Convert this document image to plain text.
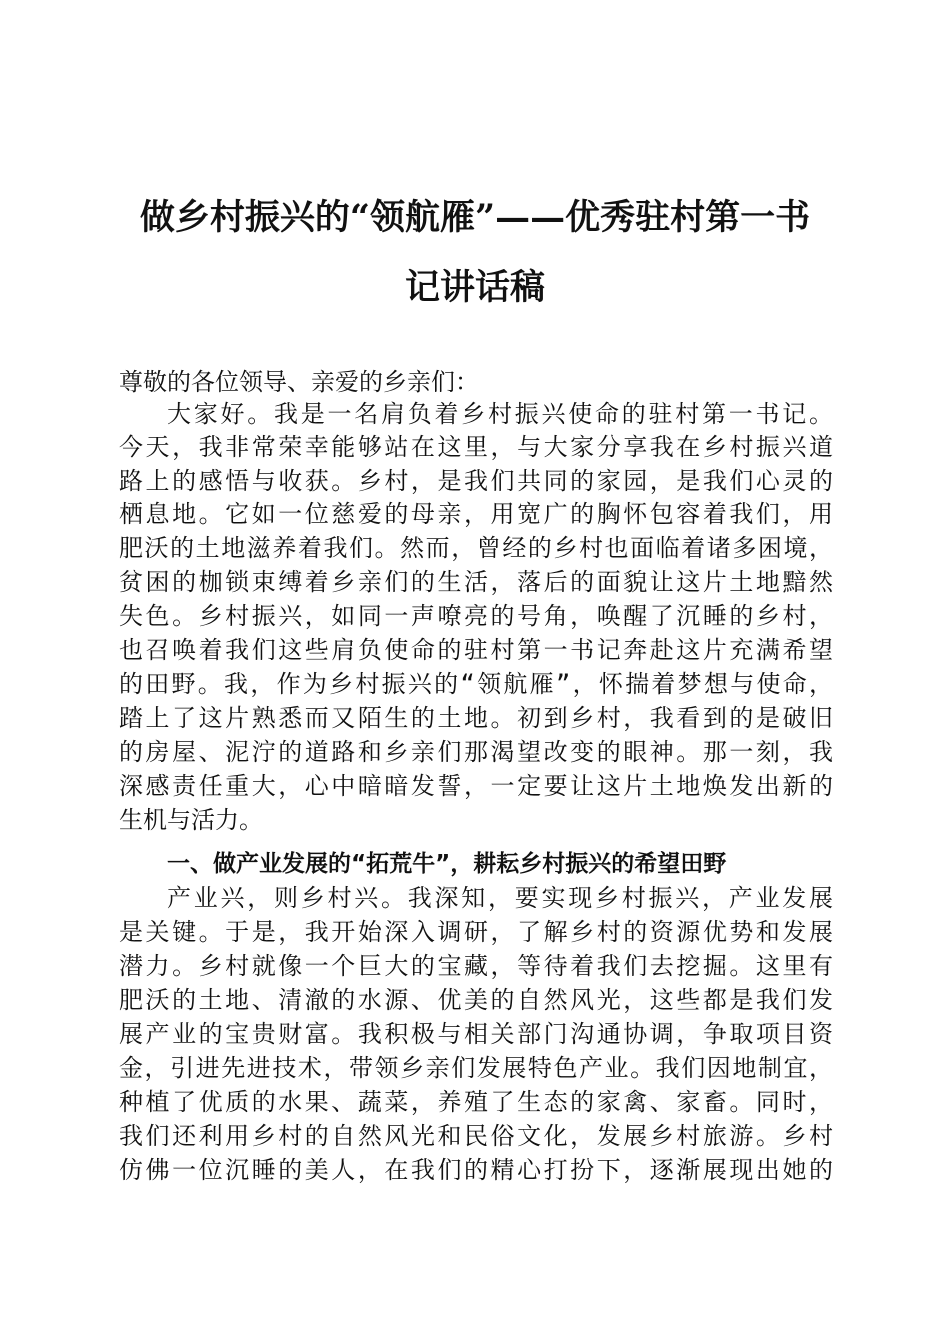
做乡村振兴的“领航雁”——优秀驻村第一书
记讲话稿
尊敬的各位领导、亲爱的乡亲们：
大家好。我是一名肩负着乡村振兴使命的驻村第一书记。
今天，我非常荣幸能够站在这里，与大家分享我在乡村振兴道
路上的感悟与收获。乡村，是我们共同的家园，是我们心灵的
栖息地。它如一位慈爱的母亲，用宽广的胸怀包容着我们，用
肥沃的土地滋养着我们。然而，曾经的乡村也面临着诸多困境，
贫困的枷锁束缚着乡亲们的生活，落后的面貌让这片土地黯然
失色。乡村振兴，如同一声嘹亮的号角，唤醒了沉睡的乡村，
也召唤着我们这些肩负使命的驻村第一书记奔赴这片充满希望
的田野。我，作为乡村振兴的“领航雁”，怀揣着梦想与使命，
踏上了这片熟悉而又陌生的土地。初到乡村，我看到的是破旧
的房屋、泥泞的道路和乡亲们那渴望改变的眼神。那一刻，我
深感责任重大，心中暗暗发誓，一定要让这片土地焕发出新的
生机与活力。
一、做产业发展的“拓荒牛”，耕耘乡村振兴的希望田野
产业兴，则乡村兴。我深知，要实现乡村振兴，产业发展
是关键。于是，我开始深入调研，了解乡村的资源优势和发展
潜力。乡村就像一个巨大的宝藏，等待着我们去挖掘。这里有
肥沃的土地、清澈的水源、优美的自然风光，这些都是我们发
展产业的宝贵财富。我积极与相关部门沟通协调，争取项目资
金，引进先进技术，带领乡亲们发展特色产业。我们因地制宜，
种植了优质的水果、蔬菜，养殖了生态的家禽、家畜。同时，
我们还利用乡村的自然风光和民俗文化，发展乡村旅游。乡村
仿佛一位沉睡的美人，在我们的精心打扮下，逐渐展现出她的
